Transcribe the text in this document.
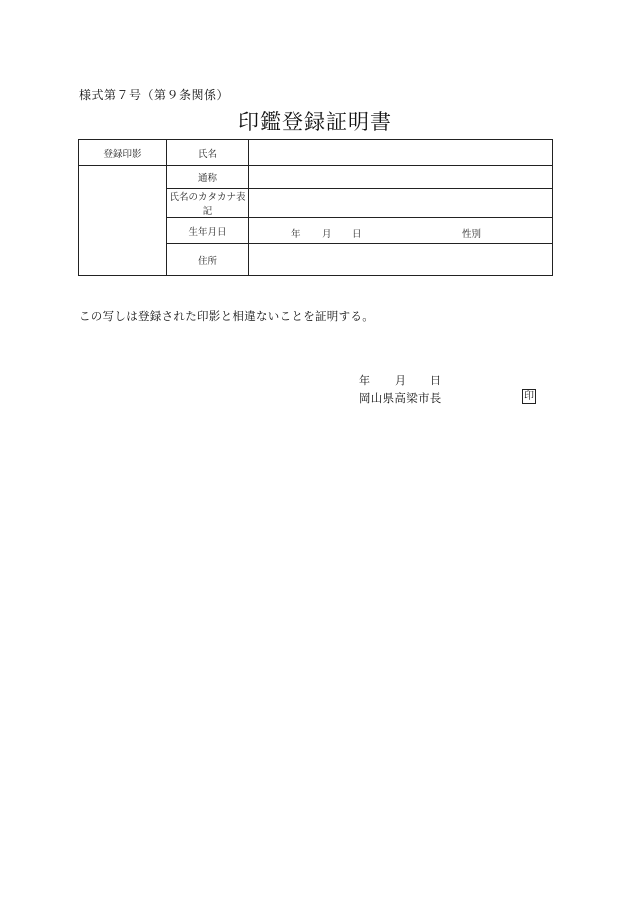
様式第７号（第９条関係）
印鑑登録証明書
登録印影	氏名	
	通称	
	氏名のカタカナ表記	
	生年月日	年 月 日 性別

	住所	
この写しは登録された印影と相違ないことを証明する。
年 月 日
岡山県高梁市長	印
